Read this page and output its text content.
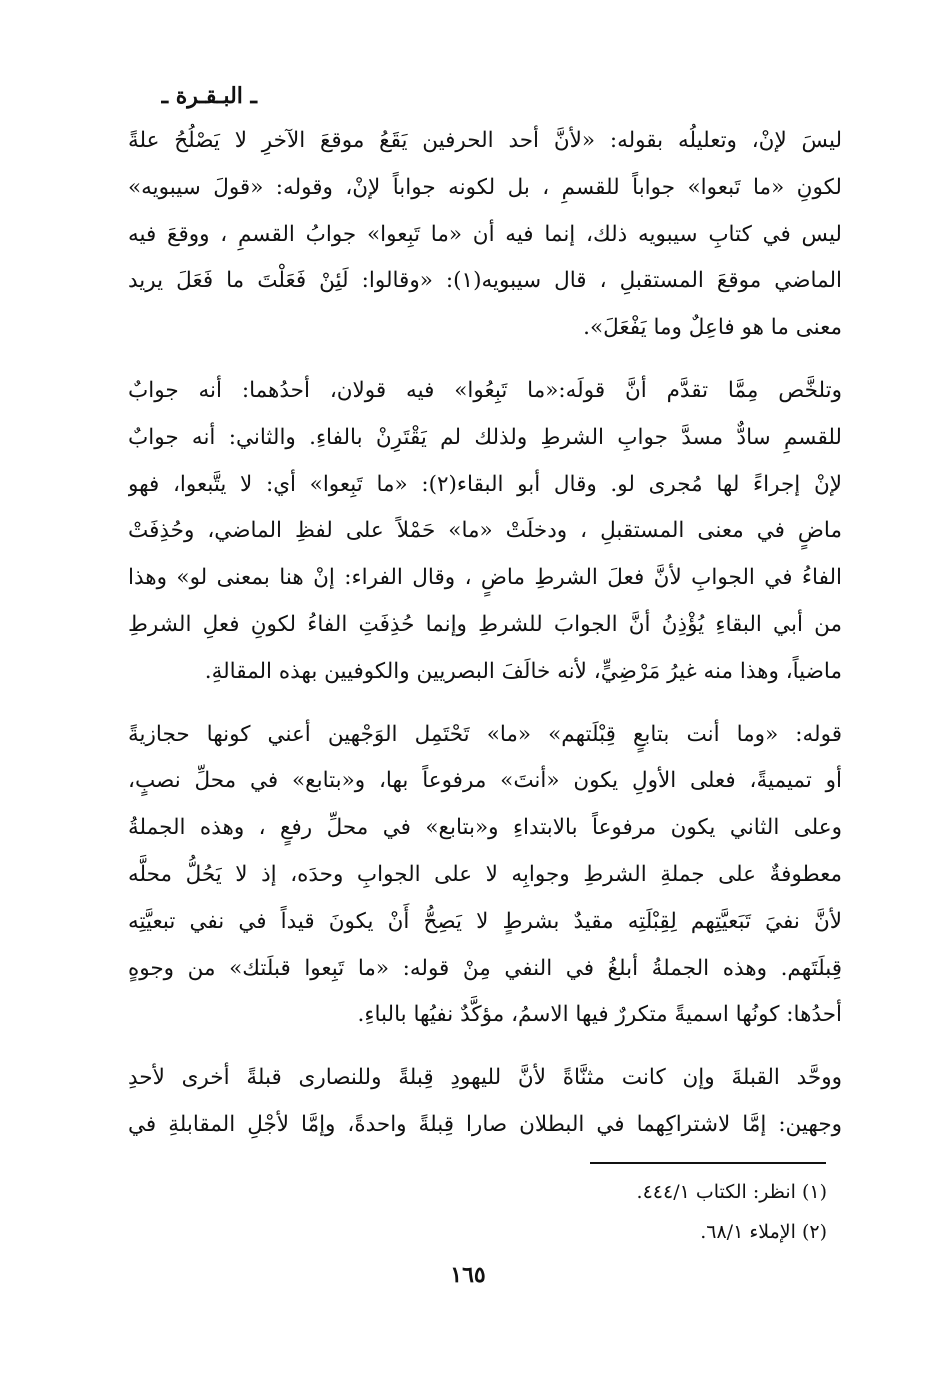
ـ البـقـرة ـ

ليسَ لإنْ، وتعليلُه بقوله: «لأنَّ أحد الحرفين يَقَعُ موقعَ الآخرِ لا يَصْلُحُ علةً
لكونِ «ما تَبعوا» جواباً للقسمِ ، بل لكونه جواباً لإنْ، وقوله: «قولَ سيبويه»
ليس في كتابِ سيبويه ذلك، إنما فيه أن «ما تَبِعوا» جوابُ القسمِ ، ووقعَ فيه
الماضي موقعَ المستقبلِ ، قال سيبويه(١): «وقالوا: لَئِنْ فَعَلْتَ ما فَعَلَ يريد
معنى ما هو فاعِلٌ وما يَفْعَلَ».

وتلخَّص مِمَّا تقدَّم أنَّ قولَه:«ما تَبِعُوا» فيه قولان، أحدُهما: أنه جوابٌ
للقسمِ سادٌّ مسدَّ جوابِ الشرطِ ولذلك لم يَقْتَرِنْ بالفاءِ. والثاني: أنه جوابٌ
لإنْ إجراءً لها مُجرى لو. وقال أبو البقاء(٢): «ما تَبِعوا» أي: لا يتَّبعوا، فهو
ماضٍ في معنى المستقبلِ ، ودخلَتْ «ما» حَمْلاً على لفظِ الماضي، وحُذِفَتْ
الفاءُ في الجوابِ لأنَّ فعلَ الشرطِ ماضٍ ، وقال الفراء: إنْ هنا بمعنى لو» وهذا
من أبي البقاءِ يُؤْذِنُ أنَّ الجوابَ للشرطِ وإنما حُذِفَتِ الفاءُ لكونِ فعلِ الشرطِ
ماضياً، وهذا منه غيرُ مَرْضِيٍّ، لأنه خالَفَ البصريين والكوفيين بهذه المقالةِ.

قوله: «وما أنت بتابعٍ قِبْلَتهم» «ما» تَحْتَمِل الوَجْهين أعني كونها حجازيةً
أو تميميةً، فعلى الأولِ يكون «أنتَ» مرفوعاً بها، و«بتابع» في محلِّ نصبٍ،
وعلى الثاني يكون مرفوعاً بالابتداءِ و«بتابع» في محلِّ رفعٍ ، وهذه الجملةُ
معطوفةٌ على جملةِ الشرطِ وجوابِه لا على الجوابِ وحدَه، إذ لا يَحُلُّ محلَّه
لأنَّ نفيَ تَبَعيَّتِهم لِقِبْلَتِه مقيدٌ بشرطٍ لا يَصِحُّ أَنْ يكونَ قيداً في نفي تبعيَّتِه
قِبلَتَهم. وهذه الجملةُ أبلغُ في النفي مِنْ قوله: «ما تَبِعوا قبلَتك» من وجوهٍ
أحدُها: كونُها اسميةً متكررٌ فيها الاسمُ، مؤكَّدٌ نفيُها بالباءِ.

ووحَّد القبلةَ وإن كانت مثنَّاةً لأنَّ لليهودِ قِبلةً وللنصارى قبلةً أخرى لأحدِ
وجهين: إمَّا لاشتراكِهما في البطلان صارا قِبلةً واحدةً، وإمَّا لأجْلِ المقابلةِ في

(١) انظر: الكتاب ٤٤٤/١.
(٢) الإملاء ٦٨/١.
١٦٥
